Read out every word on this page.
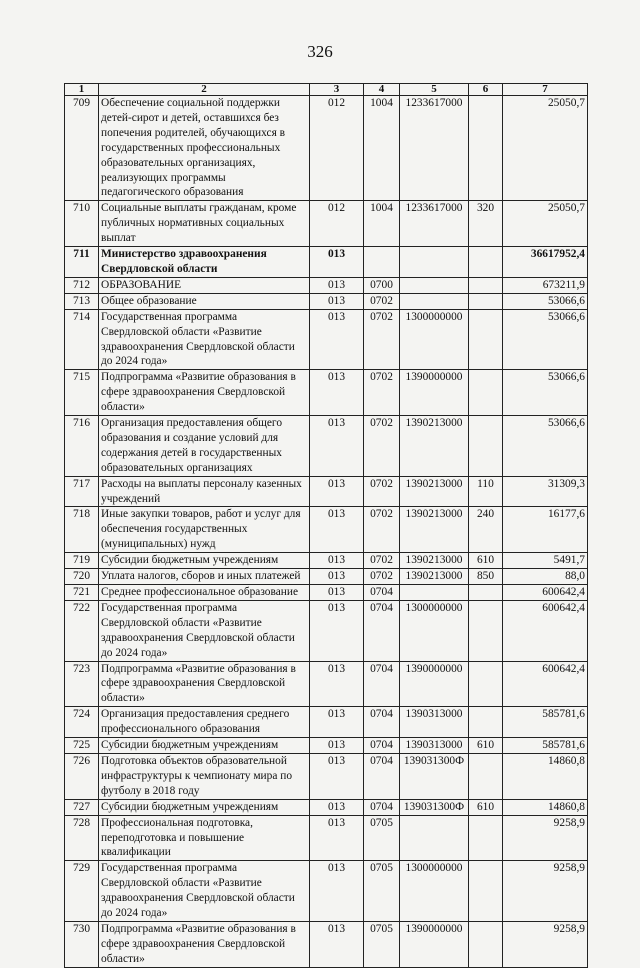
326
1	2	3	4	5	6	7
709	Обеспечение социальной поддержки детей-сирот и детей, оставшихся без попечения родителей, обучающихся в государственных профессиональных образовательных организациях, реализующих программы педагогического образования	012	1004	1233617000		25050,7
710	Социальные выплаты гражданам, кроме публичных нормативных социальных выплат	012	1004	1233617000	320	25050,7
711	Министерство здравоохранения Свердловской области	013				36617952,4
712	ОБРАЗОВАНИЕ	013	0700			673211,9
713	Общее образование	013	0702			53066,6
714	Государственная программа Свердловской области «Развитие здравоохранения Свердловской области до 2024 года»	013	0702	1300000000		53066,6
715	Подпрограмма «Развитие образования в сфере здравоохранения Свердловской области»	013	0702	1390000000		53066,6
716	Организация предоставления общего образования и создание условий для содержания детей в государственных образовательных организациях	013	0702	1390213000		53066,6
717	Расходы на выплаты персоналу казенных учреждений	013	0702	1390213000	110	31309,3
718	Иные закупки товаров, работ и услуг для обеспечения государственных (муниципальных) нужд	013	0702	1390213000	240	16177,6
719	Субсидии бюджетным учреждениям	013	0702	1390213000	610	5491,7
720	Уплата налогов, сборов и иных платежей	013	0702	1390213000	850	88,0
721	Среднее профессиональное образование	013	0704			600642,4
722	Государственная программа Свердловской области «Развитие здравоохранения Свердловской области до 2024 года»	013	0704	1300000000		600642,4
723	Подпрограмма «Развитие образования в сфере здравоохранения Свердловской области»	013	0704	1390000000		600642,4
724	Организация предоставления среднего профессионального образования	013	0704	1390313000		585781,6
725	Субсидии бюджетным учреждениям	013	0704	1390313000	610	585781,6
726	Подготовка объектов образовательной инфраструктуры к чемпионату мира по футболу в 2018 году	013	0704	139031300Ф		14860,8
727	Субсидии бюджетным учреждениям	013	0704	139031300Ф	610	14860,8
728	Профессиональная подготовка, переподготовка и повышение квалификации	013	0705			9258,9
729	Государственная программа Свердловской области «Развитие здравоохранения Свердловской области до 2024 года»	013	0705	1300000000		9258,9
730	Подпрограмма «Развитие образования в сфере здравоохранения Свердловской области»	013	0705	1390000000		9258,9
